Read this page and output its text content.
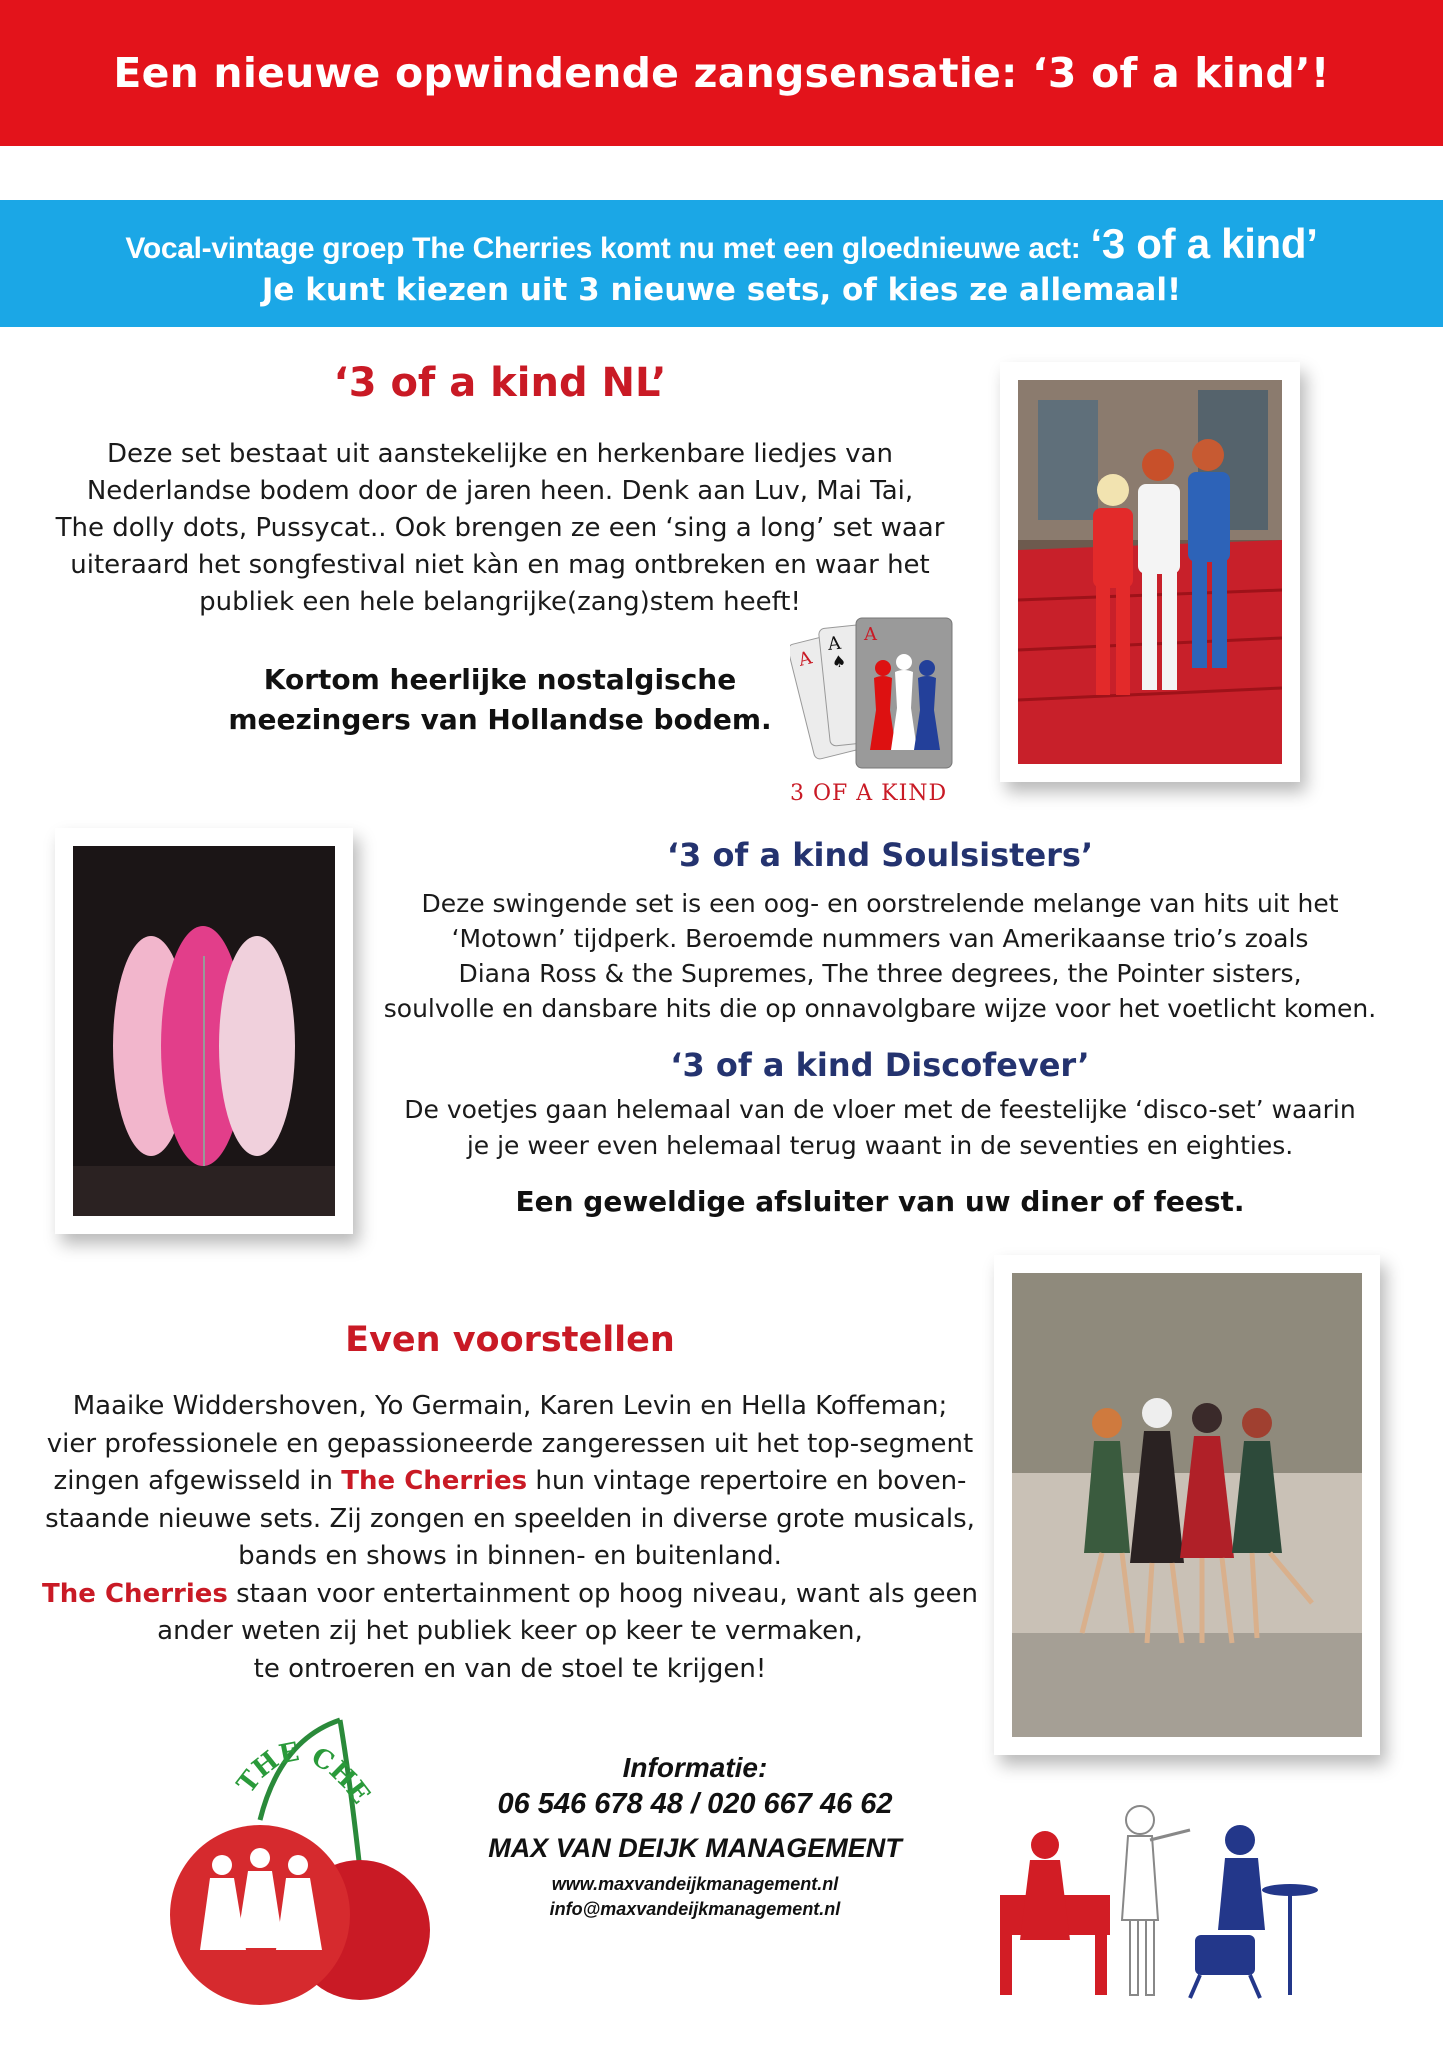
Een nieuwe opwindende zangsensatie: ‘3 of a kind’!
Vocal-vintage groep The Cherries komt nu met een gloednieuwe act: ‘3 of a kind’
Je kunt kiezen uit 3 nieuwe sets, of kies ze allemaal!
‘3 of a kind NL’
Deze set bestaat uit aanstekelijke en herkenbare liedjes van
Nederlandse bodem door de jaren heen. Denk aan Luv, Mai Tai,
The dolly dots, Pussycat.. Ook brengen ze een ‘sing a long’ set waar
uiteraard het songfestival niet kàn en mag ontbreken en waar het
publiek een hele belangrijke(zang)stem heeft!
Kortom heerlijke nostalgische
meezingers van Hollandse bodem.
A
A
♠
A
3 OF A KIND
‘3 of a kind Soulsisters’
Deze swingende set is een oog- en oorstrelende melange van hits uit het
‘Motown’ tijdperk. Beroemde nummers van Amerikaanse trio’s zoals
Diana Ross & the Supremes, The three degrees, the Pointer sisters,
soulvolle en dansbare hits die op onnavolgbare wijze voor het voetlicht komen.
‘3 of a kind Discofever’
De voetjes gaan helemaal van de vloer met de feestelijke ‘disco-set’ waarin
je je weer even helemaal terug waant in de seventies en eighties.
Een geweldige afsluiter van uw diner of feest.
Even voorstellen
Maaike Widdershoven, Yo Germain, Karen Levin en Hella Koffeman;
vier professionele en gepassioneerde zangeressen uit het top-segment
zingen afgewisseld in The Cherries hun vintage repertoire en boven-
staande nieuwe sets. Zij zongen en speelden in diverse grote musicals,
bands en shows in binnen- en buitenland.
The Cherries staan voor entertainment op hoog niveau, want als geen
ander weten zij het publiek keer op keer te vermaken,
te ontroeren en van de stoel te krijgen!
THE CHE
Informatie:
06 546 678 48 / 020 667 46 62
MAX VAN DEIJK MANAGEMENT
www.maxvandeijkmanagement.nl
info@maxvandeijkmanagement.nl
